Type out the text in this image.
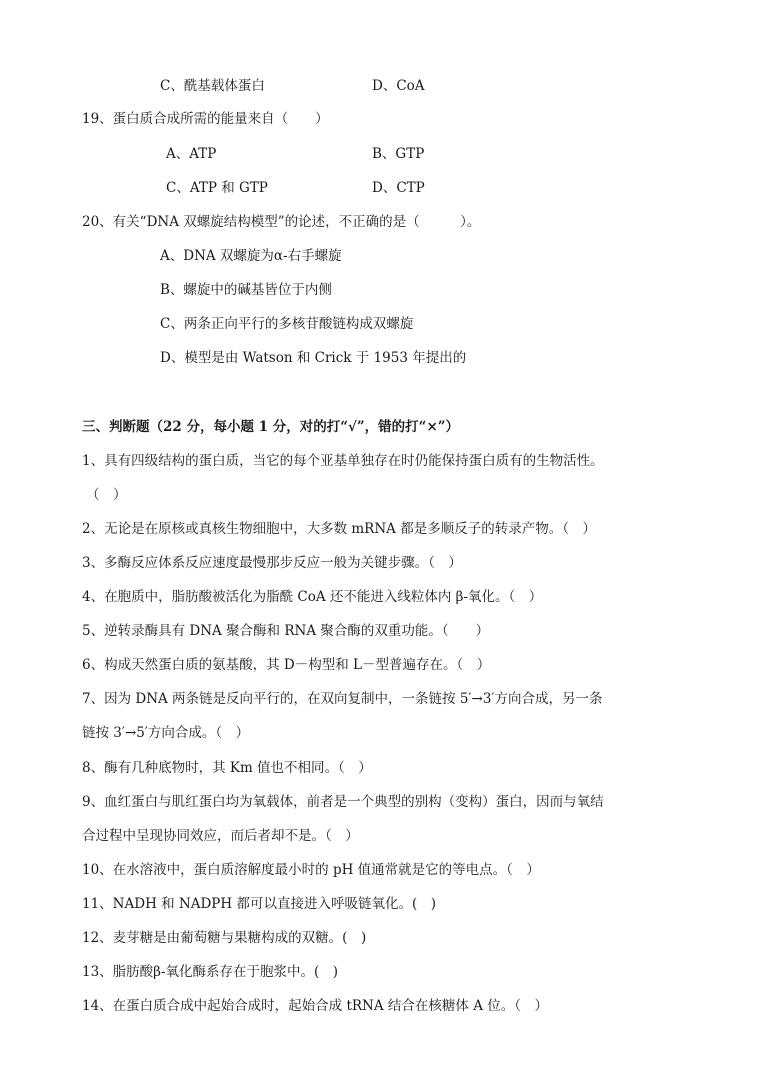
C、酰基载体蛋白	D、CoA
19、蛋白质合成所需的能量来自（　　）
A、ATP	B、GTP
C、ATP 和 GTP	D、CTP
20、有关“DNA 双螺旋结构模型”的论述，不正确的是（　　　）。
A、DNA 双螺旋为α-右手螺旋
B、螺旋中的碱基皆位于内侧
C、两条正向平行的多核苷酸链构成双螺旋
D、模型是由 Watson 和 Crick 于 1953 年提出的
三、判断题（22 分，每小题 1 分，对的打“√”，错的打“×”）
1、具有四级结构的蛋白质，当它的每个亚基单独存在时仍能保持蛋白质有的生物活性。
（　）
2、无论是在原核或真核生物细胞中，大多数 mRNA 都是多顺反子的转录产物。（　）
3、多酶反应体系反应速度最慢那步反应一般为关键步骤。（　）
4、在胞质中，脂肪酸被活化为脂酰 CoA 还不能进入线粒体内 β-氧化。（　）
5、逆转录酶具有 DNA 聚合酶和 RNA 聚合酶的双重功能。（　　）
6、构成天然蛋白质的氨基酸，其 D－构型和 L－型普遍存在。（　）
7、因为 DNA 两条链是反向平行的，在双向复制中，一条链按 5′→3′方向合成，另一条
链按 3′→5′方向合成。（　）
8、酶有几种底物时，其 Km 值也不相同。（　）
9、血红蛋白与肌红蛋白均为氧载体，前者是一个典型的别构（变构）蛋白，因而与氧结
合过程中呈现协同效应，而后者却不是。（　）
10、在水溶液中，蛋白质溶解度最小时的 pH 值通常就是它的等电点。（　）
11、NADH 和 NADPH 都可以直接进入呼吸链氧化。(　)
12、麦芽糖是由葡萄糖与果糖构成的双糖。(　)
13、脂肪酸β-氧化酶系存在于胞浆中。(　)
14、在蛋白质合成中起始合成时，起始合成 tRNA 结合在核糖体 A 位。（　）
